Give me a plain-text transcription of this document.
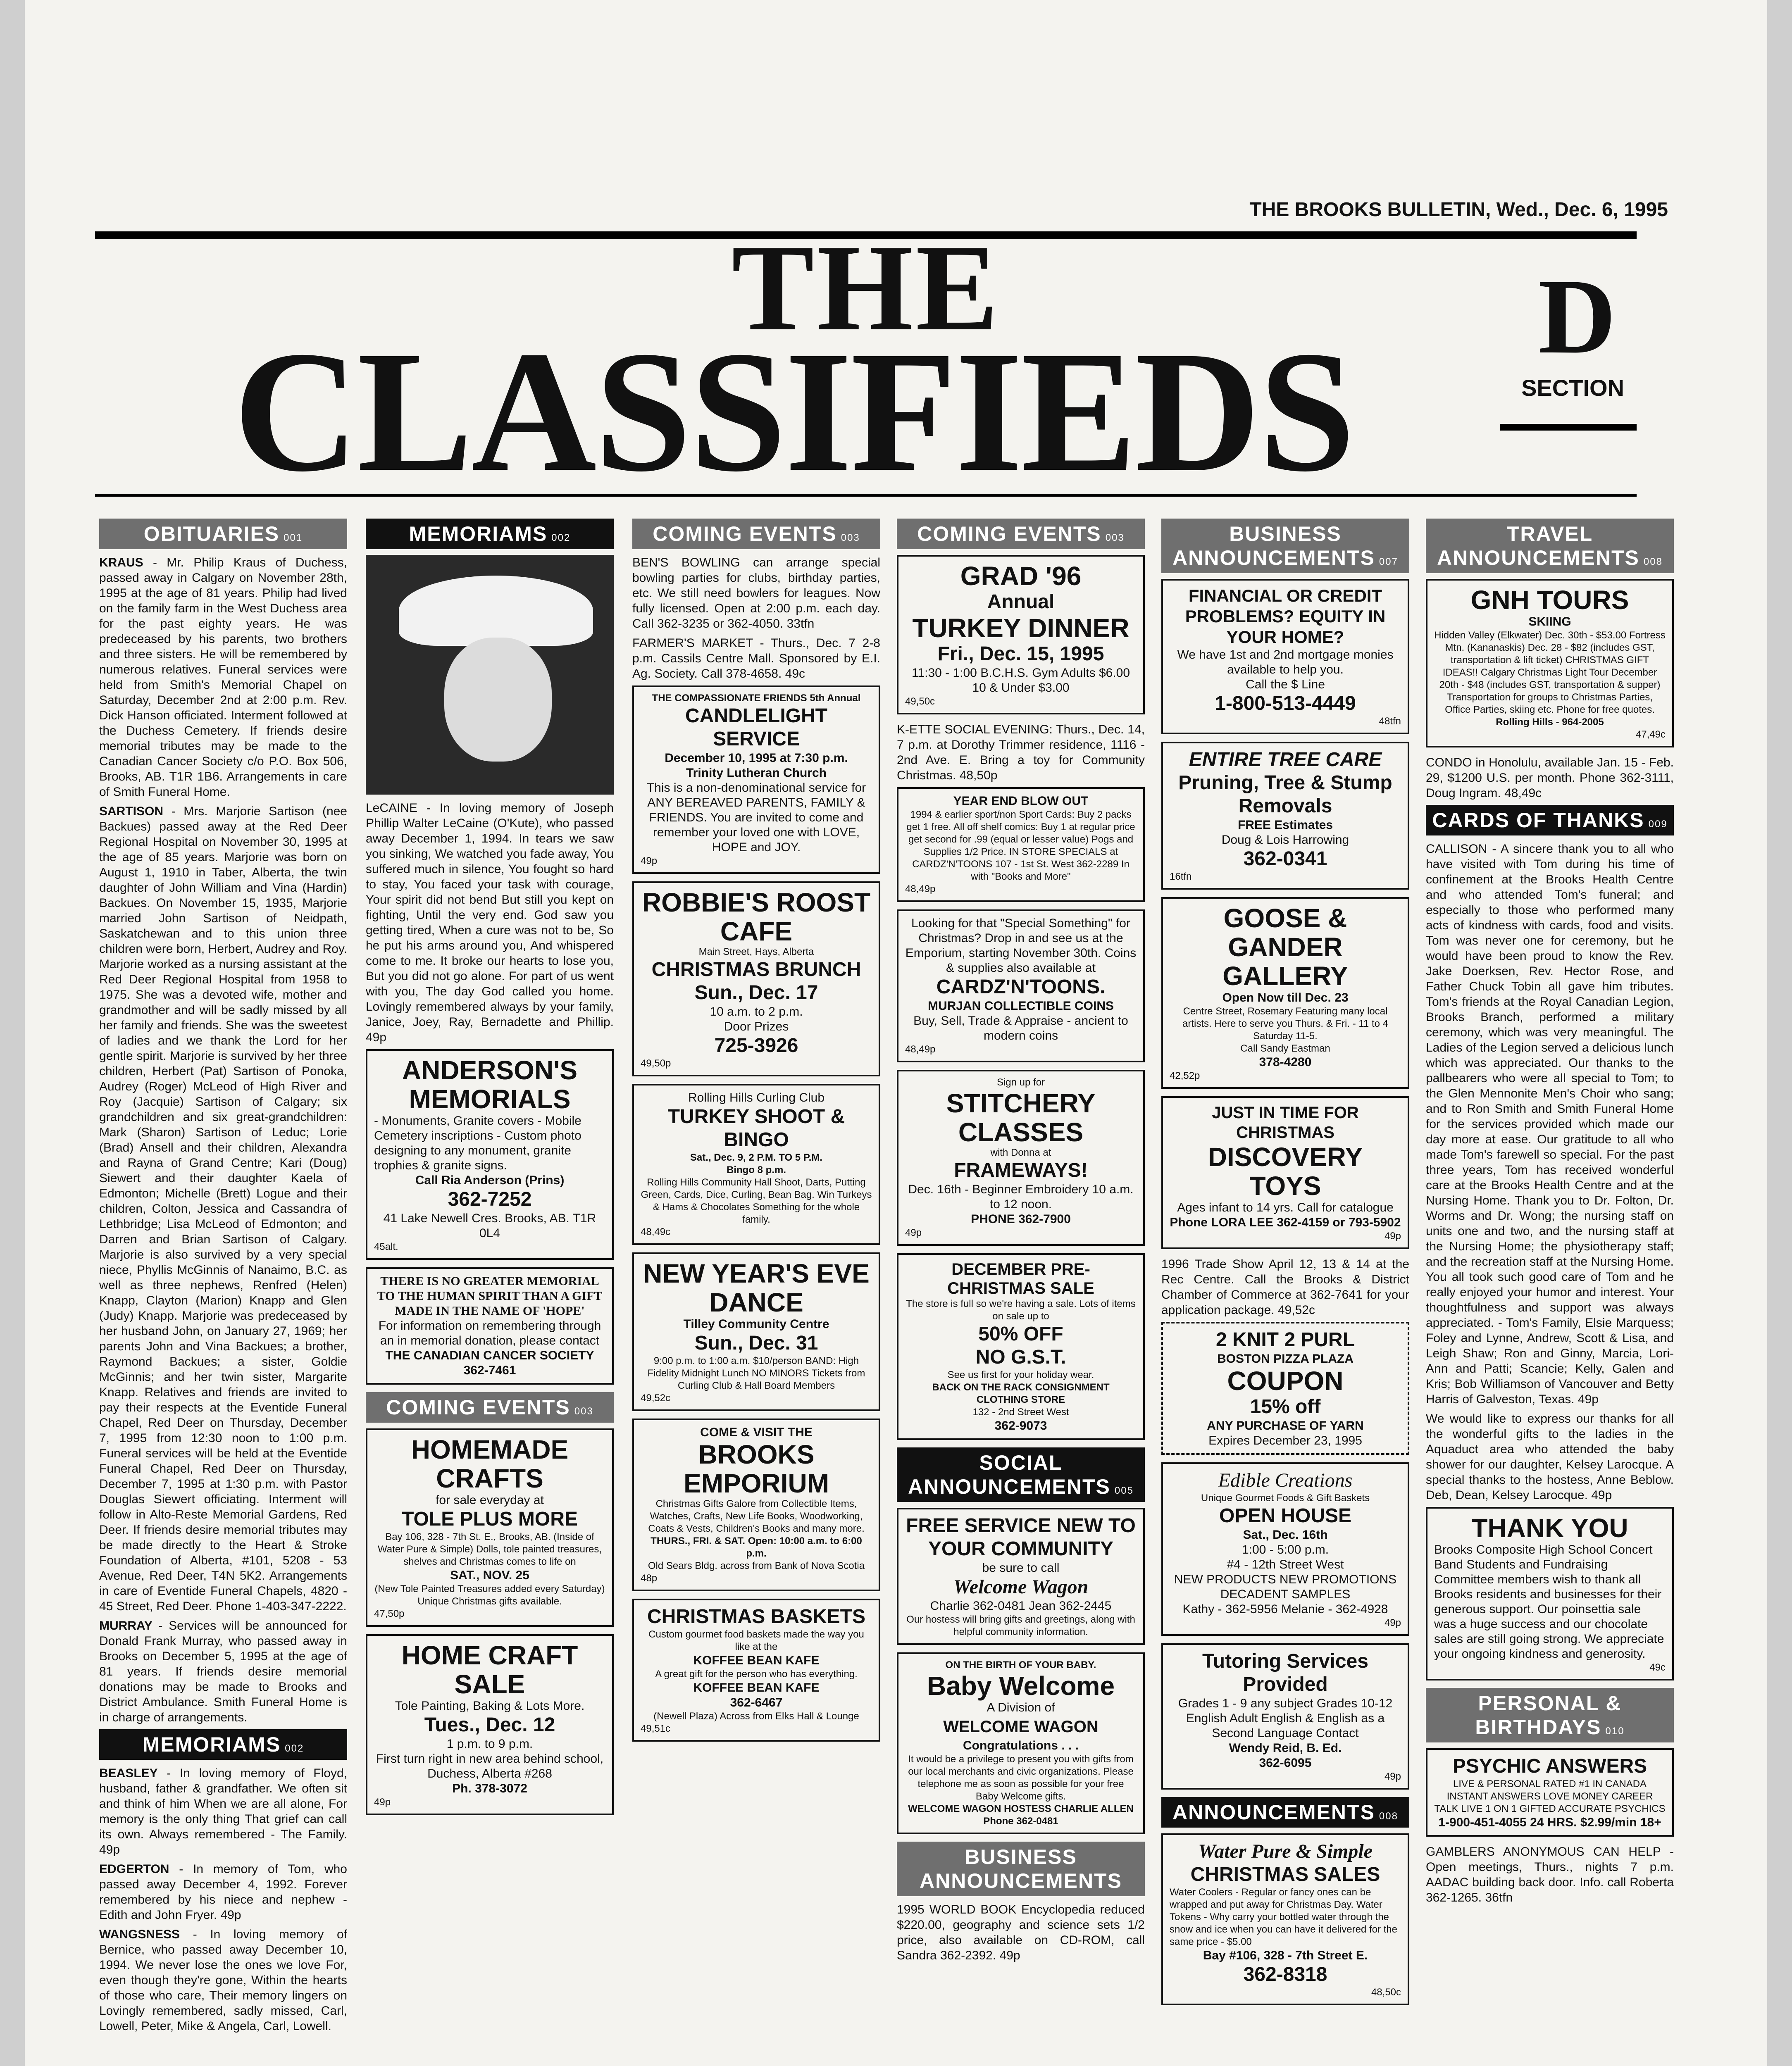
THE BROOKS BULLETIN, Wed., Dec. 6, 1995
THE
CLASSIFIEDS	D
SECTION
OBITUARIES 001

KRAUS - Mr. Philip Kraus of Duchess, passed away in Calgary on November 28th, 1995 at the age of 81 years. Philip had lived on the family farm in the West Duchess area for the past eighty years. He was predeceased by his parents, two brothers and three sisters. He will be remembered by numerous relatives. Funeral services were held from Smith's Memorial Chapel on Saturday, December 2nd at 2:00 p.m. Rev. Dick Hanson officiated. Interment followed at the Duchess Cemetery. If friends desire memorial tributes may be made to the Canadian Cancer Society c/o P.O. Box 506, Brooks, AB. T1R 1B6. Arrangements in care of Smith Funeral Home.

SARTISON - Mrs. Marjorie Sartison (nee Backues) passed away at the Red Deer Regional Hospital on November 30, 1995 at the age of 85 years. Marjorie was born on August 1, 1910 in Taber, Alberta, the twin daughter of John William and Vina (Hardin) Backues. On November 15, 1935, Marjorie married John Sartison of Neidpath, Saskatchewan and to this union three children were born, Herbert, Audrey and Roy. Marjorie worked as a nursing assistant at the Red Deer Regional Hospital from 1958 to 1975. She was a devoted wife, mother and grandmother and will be sadly missed by all her family and friends. She was the sweetest of ladies and we thank the Lord for her gentle spirit. Marjorie is survived by her three children, Herbert (Pat) Sartison of Ponoka, Audrey (Roger) McLeod of High River and Roy (Jacquie) Sartison of Calgary; six grandchildren and six great-grandchildren: Mark (Sharon) Sartison of Leduc; Lorie (Brad) Ansell and their children, Alexandra and Rayna of Grand Centre; Kari (Doug) Siewert and their daughter Kaela of Edmonton; Michelle (Brett) Logue and their children, Colton, Jessica and Cassandra of Lethbridge; Lisa McLeod of Edmonton; and Darren and Brian Sartison of Calgary. Marjorie is also survived by a very special niece, Phyllis McGinnis of Nanaimo, B.C. as well as three nephews, Renfred (Helen) Knapp, Clayton (Marion) Knapp and Glen (Judy) Knapp. Marjorie was predeceased by her husband John, on January 27, 1969; her parents John and Vina Backues; a brother, Raymond Backues; a sister, Goldie McGinnis; and her twin sister, Margarite Knapp. Relatives and friends are invited to pay their respects at the Eventide Funeral Chapel, Red Deer on Thursday, December 7, 1995 from 12:30 noon to 1:00 p.m. Funeral services will be held at the Eventide Funeral Chapel, Red Deer on Thursday, December 7, 1995 at 1:30 p.m. with Pastor Douglas Siewert officiating. Interment will follow in Alto-Reste Memorial Gardens, Red Deer. If friends desire memorial tributes may be made directly to the Heart & Stroke Foundation of Alberta, #101, 5208 - 53 Avenue, Red Deer, T4N 5K2. Arrangements in care of Eventide Funeral Chapels, 4820 - 45 Street, Red Deer. Phone 1-403-347-2222.

MURRAY - Services will be announced for Donald Frank Murray, who passed away in Brooks on December 5, 1995 at the age of 81 years. If friends desire memorial donations may be made to Brooks and District Ambulance. Smith Funeral Home is in charge of arrangements.

MEMORIAMS 002

BEASLEY - In loving memory of Floyd, husband, father & grandfather. We often sit and think of him When we are all alone, For memory is the only thing That grief can call its own. Always remembered - The Family. 49p

EDGERTON - In memory of Tom, who passed away December 4, 1992. Forever remembered by his niece and nephew - Edith and John Fryer. 49p

WANGSNESS - In loving memory of Bernice, who passed away December 10, 1994. We never lose the ones we love For, even though they're gone, Within the hearts of those who care, Their memory lingers on Lovingly remembered, sadly missed, Carl, Lowell, Peter, Mike & Angela, Carl, Lowell.

MEMORIAMS 002

LeCAINE - In loving memory of Joseph Phillip Walter LeCaine (O'Kute), who passed away December 1, 1994. In tears we saw you sinking, We watched you fade away, You suffered much in silence, You fought so hard to stay, You faced your task with courage, Your spirit did not bend But still you kept on fighting, Until the very end. God saw you getting tired, When a cure was not to be, So he put his arms around you, And whispered come to me. It broke our hearts to lose you, But you did not go alone. For part of us went with you, The day God called you home. Lovingly remembered always by your family, Janice, Joey, Ray, Bernadette and Phillip. 49p

ANDERSON'S MEMORIALS
- Monuments, Granite covers - Mobile Cemetery inscriptions - Custom photo designing to any monument, granite trophies & granite signs.
Call Ria Anderson (Prins)
362-7252
41 Lake Newell Cres. Brooks, AB. T1R 0L4
45alt.
THERE IS NO GREATER MEMORIAL TO THE HUMAN SPIRIT THAN A GIFT MADE IN THE NAME OF 'HOPE'
For information on remembering through an in memorial donation, please contact
THE CANADIAN CANCER SOCIETY
362-7461
COMING EVENTS 003
HOMEMADE CRAFTS
for sale everyday at
TOLE PLUS MORE
Bay 106, 328 - 7th St. E., Brooks, AB. (Inside of Water Pure & Simple) Dolls, tole painted treasures, shelves and Christmas comes to life on
SAT., NOV. 25
(New Tole Painted Treasures added every Saturday) Unique Christmas gifts available.
47,50p
HOME CRAFT SALE
Tole Painting, Baking & Lots More.
Tues., Dec. 12
1 p.m. to 9 p.m.
First turn right in new area behind school, Duchess, Alberta #268
Ph. 378-3072
49p
COMING EVENTS 003

BEN'S BOWLING can arrange special bowling parties for clubs, birthday parties, etc. We still need bowlers for leagues. Now fully licensed. Open at 2:00 p.m. each day. Call 362-3235 or 362-4050. 33tfn

FARMER'S MARKET - Thurs., Dec. 7 2-8 p.m. Cassils Centre Mall. Sponsored by E.I. Ag. Society. Call 378-4658. 49c

THE COMPASSIONATE FRIENDS 5th Annual
CANDLELIGHT SERVICE
December 10, 1995 at 7:30 p.m.
Trinity Lutheran Church
This is a non-denominational service for ANY BEREAVED PARENTS, FAMILY & FRIENDS. You are invited to come and remember your loved one with LOVE, HOPE and JOY.
49p
ROBBIE'S ROOST CAFE
Main Street, Hays, Alberta
CHRISTMAS BRUNCH
Sun., Dec. 17
10 a.m. to 2 p.m.
Door Prizes
725-3926
49,50p
Rolling Hills Curling Club
TURKEY SHOOT & BINGO
Sat., Dec. 9, 2 P.M. TO 5 P.M.
Bingo 8 p.m.
Rolling Hills Community Hall Shoot, Darts, Putting Green, Cards, Dice, Curling, Bean Bag. Win Turkeys & Hams & Chocolates Something for the whole family.
48,49c
NEW YEAR'S EVE DANCE
Tilley Community Centre
Sun., Dec. 31
9:00 p.m. to 1:00 a.m. $10/person BAND: High Fidelity Midnight Lunch NO MINORS Tickets from Curling Club & Hall Board Members
49,52c
COME & VISIT THE
BROOKS EMPORIUM
Christmas Gifts Galore from Collectible Items, Watches, Crafts, New Life Books, Woodworking, Coats & Vests, Children's Books and many more.
THURS., FRI. & SAT. Open: 10:00 a.m. to 6:00 p.m.
Old Sears Bldg. across from Bank of Nova Scotia
48p
CHRISTMAS BASKETS
Custom gourmet food baskets made the way you like at the
KOFFEE BEAN KAFE
A great gift for the person who has everything.
KOFFEE BEAN KAFE
362-6467
(Newell Plaza) Across from Elks Hall & Lounge
49,51c
COMING EVENTS 003
GRAD '96
Annual
TURKEY DINNER
Fri., Dec. 15, 1995
11:30 - 1:00 B.C.H.S. Gym Adults $6.00 10 & Under $3.00
49,50c

K-ETTE SOCIAL EVENING: Thurs., Dec. 14, 7 p.m. at Dorothy Trimmer residence, 1116 - 2nd Ave. E. Bring a toy for Community Christmas. 48,50p

YEAR END BLOW OUT
1994 & earlier sport/non Sport Cards: Buy 2 packs get 1 free. All off shelf comics: Buy 1 at regular price get second for .99 (equal or lesser value) Pogs and Supplies 1/2 Price. IN STORE SPECIALS at CARDZ'N'TOONS 107 - 1st St. West 362-2289 In with "Books and More"
48,49p
Looking for that "Special Something" for Christmas? Drop in and see us at the Emporium, starting November 30th. Coins & supplies also available at
CARDZ'N'TOONS.
MURJAN COLLECTIBLE COINS
Buy, Sell, Trade & Appraise - ancient to modern coins
48,49p
Sign up for
STITCHERY CLASSES
with Donna at
FRAMEWAYS!
Dec. 16th - Beginner Embroidery 10 a.m. to 12 noon.
PHONE 362-7900
49p
DECEMBER PRE-CHRISTMAS SALE
The store is full so we're having a sale. Lots of items on sale up to
50% OFF
NO G.S.T.
See us first for your holiday wear.
BACK ON THE RACK CONSIGNMENT CLOTHING STORE
132 - 2nd Street West
362-9073
SOCIAL ANNOUNCEMENTS 005
FREE SERVICE NEW TO YOUR COMMUNITY
be sure to call
Welcome Wagon
Charlie 362-0481 Jean 362-2445
Our hostess will bring gifts and greetings, along with helpful community information.
ON THE BIRTH OF YOUR BABY.
Baby Welcome
A Division of
WELCOME WAGON
Congratulations . . .
It would be a privilege to present you with gifts from our local merchants and civic organizations. Please telephone me as soon as possible for your free Baby Welcome gifts.
WELCOME WAGON HOSTESS CHARLIE ALLEN
Phone 362-0481
BUSINESS ANNOUNCEMENTS

1995 WORLD BOOK Encyclopedia reduced $220.00, geography and science sets 1/2 price, also available on CD-ROM, call Sandra 362-2392. 49p

BUSINESS ANNOUNCEMENTS 007
FINANCIAL OR CREDIT PROBLEMS? EQUITY IN YOUR HOME?
We have 1st and 2nd mortgage monies available to help you.
Call the $ Line
1-800-513-4449
48tfn
ENTIRE TREE CARE
Pruning, Tree & Stump Removals
FREE Estimates
Doug & Lois Harrowing
362-0341
16tfn
GOOSE & GANDER GALLERY
Open Now till Dec. 23
Centre Street, Rosemary Featuring many local artists. Here to serve you Thurs. & Fri. - 11 to 4 Saturday 11-5.
Call Sandy Eastman
378-4280
42,52p
JUST IN TIME FOR CHRISTMAS
DISCOVERY TOYS
Ages infant to 14 yrs. Call for catalogue
Phone LORA LEE 362-4159 or 793-5902
49p

1996 Trade Show April 12, 13 & 14 at the Rec Centre. Call the Brooks & District Chamber of Commerce at 362-7641 for your application package. 49,52c

2 KNIT 2 PURL
BOSTON PIZZA PLAZA
COUPON
15% off
ANY PURCHASE OF YARN
Expires December 23, 1995
Edible Creations
Unique Gourmet Foods & Gift Baskets
OPEN HOUSE
Sat., Dec. 16th
1:00 - 5:00 p.m.
#4 - 12th Street West
NEW PRODUCTS NEW PROMOTIONS DECADENT SAMPLES
Kathy - 362-5956 Melanie - 362-4928
49p
Tutoring Services Provided
Grades 1 - 9 any subject Grades 10-12 English Adult English & English as a Second Language Contact
Wendy Reid, B. Ed.
362-6095
49p
ANNOUNCEMENTS 008
Water Pure & Simple
CHRISTMAS SALES
Water Coolers - Regular or fancy ones can be wrapped and put away for Christmas Day. Water Tokens - Why carry your bottled water through the snow and ice when you can have it delivered for the same price - $5.00
Bay #106, 328 - 7th Street E.
362-8318
48,50c
TRAVEL ANNOUNCEMENTS 008
GNH TOURS
SKIING
Hidden Valley (Elkwater) Dec. 30th - $53.00 Fortress Mtn. (Kananaskis) Dec. 28 - $82 (includes GST, transportation & lift ticket) CHRISTMAS GIFT IDEAS!! Calgary Christmas Light Tour December 20th - $48 (includes GST, transportation & supper) Transportation for groups to Christmas Parties, Office Parties, skiing etc. Phone for free quotes.
Rolling Hills - 964-2005
47,49c

CONDO in Honolulu, available Jan. 15 - Feb. 29, $1200 U.S. per month. Phone 362-3111, Doug Ingram. 48,49c

CARDS OF THANKS 009

CALLISON - A sincere thank you to all who have visited with Tom during his time of confinement at the Brooks Health Centre and who attended Tom's funeral; and especially to those who performed many acts of kindness with cards, food and visits. Tom was never one for ceremony, but he would have been proud to know the Rev. Jake Doerksen, Rev. Hector Rose, and Father Chuck Tobin all gave him tributes. Tom's friends at the Royal Canadian Legion, Brooks Branch, performed a military ceremony, which was very meaningful. The Ladies of the Legion served a delicious lunch which was appreciated. Our thanks to the pallbearers who were all special to Tom; to the Glen Mennonite Men's Choir who sang; and to Ron Smith and Smith Funeral Home for the services provided which made our day more at ease. Our gratitude to all who made Tom's farewell so special. For the past three years, Tom has received wonderful care at the Brooks Health Centre and at the Nursing Home. Thank you to Dr. Folton, Dr. Worms and Dr. Wong; the nursing staff on units one and two, and the nursing staff at the Nursing Home; the physiotherapy staff; and the recreation staff at the Nursing Home. You all took such good care of Tom and he really enjoyed your humor and interest. Your thoughtfulness and support was always appreciated. - Tom's Family, Elsie Marquess; Foley and Lynne, Andrew, Scott & Lisa, and Leigh Shaw; Ron and Ginny, Marcia, Lori-Ann and Patti; Scancie; Kelly, Galen and Kris; Bob Williamson of Vancouver and Betty Harris of Galveston, Texas. 49p

We would like to express our thanks for all the wonderful gifts to the ladies in the Aquaduct area who attended the baby shower for our daughter, Kelsey Larocque. A special thanks to the hostess, Anne Beblow. Deb, Dean, Kelsey Larocque. 49p

THANK YOU
Brooks Composite High School Concert Band Students and Fundraising Committee members wish to thank all Brooks residents and businesses for their generous support. Our poinsettia sale was a huge success and our chocolate sales are still going strong. We appreciate your ongoing kindness and generosity.
49c
PERSONAL & BIRTHDAYS 010
PSYCHIC ANSWERS
LIVE & PERSONAL RATED #1 IN CANADA
INSTANT ANSWERS LOVE MONEY CAREER TALK LIVE 1 ON 1 GIFTED ACCURATE PSYCHICS
1-900-451-4055 24 HRS. $2.99/min 18+

GAMBLERS ANONYMOUS CAN HELP - Open meetings, Thurs., nights 7 p.m. AADAC building back door. Info. call Roberta 362-1265. 36tfn
